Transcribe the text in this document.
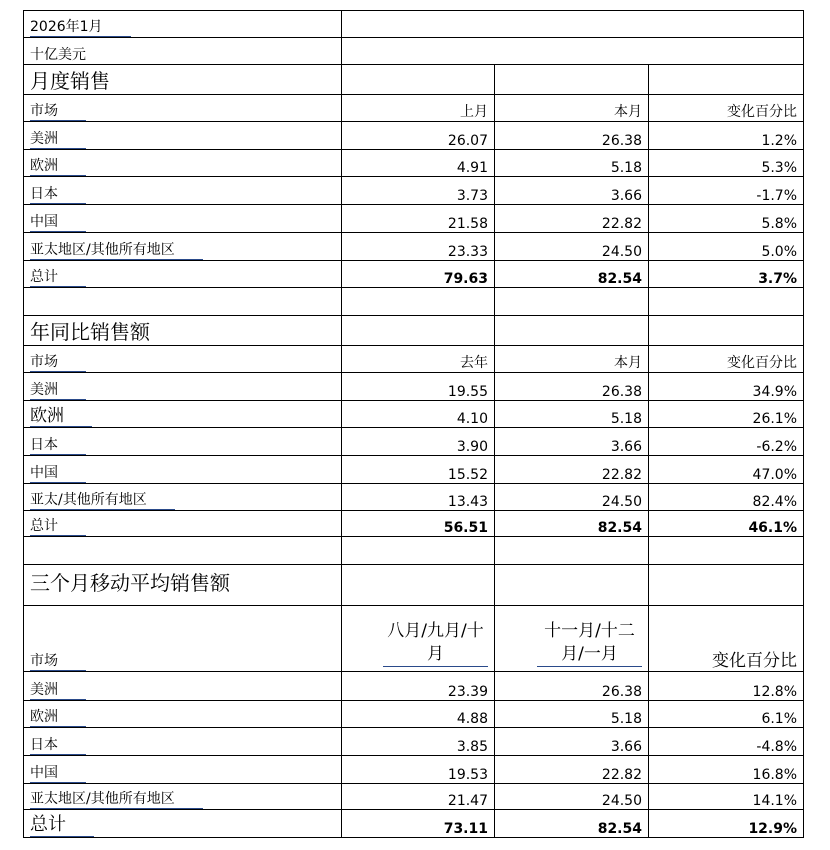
2026年1月			
十亿美元			
月度销售			
市场	上月	本月	变化百分比
美洲	26.07	26.38	1.2%
欧洲	4.91	5.18	5.3%
日本	3.73	3.66	-1.7%
中国	21.58	22.82	5.8%
亚太地区/其他所有地区	23.33	24.50	5.0%
总计	79.63	82.54	3.7%

年同比销售额			
市场	去年	本月	变化百分比
美洲	19.55	26.38	34.9%
欧洲	4.10	5.18	26.1%
日本	3.90	3.66	-6.2%
中国	15.52	22.82	47.0%
亚太/其他所有地区	13.43	24.50	82.4%
总计	56.51	82.54	46.1%

三个月移动平均销售额			
市场	八月/九月/十月	十一月/十二月/一月	变化百分比
美洲	23.39	26.38	12.8%
欧洲	4.88	5.18	6.1%
日本	3.85	3.66	-4.8%
中国	19.53	22.82	16.8%
亚太地区/其他所有地区	21.47	24.50	14.1%
总计	73.11	82.54	12.9%
